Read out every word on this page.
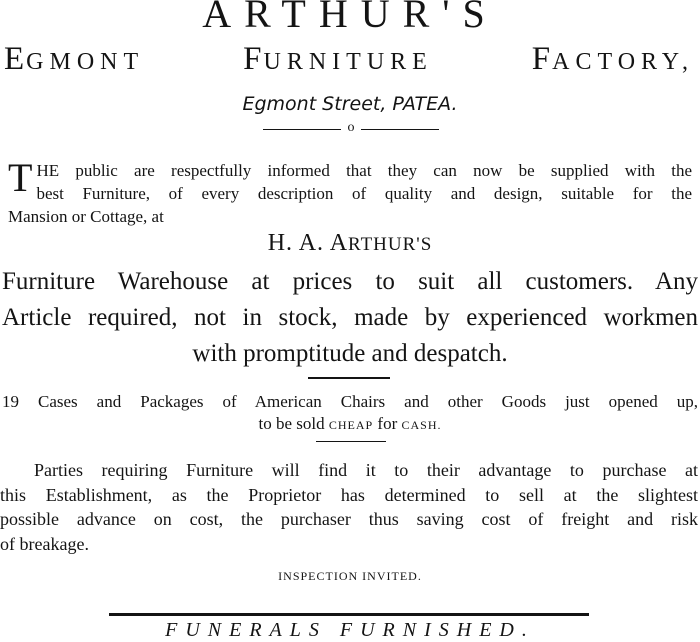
ARTHUR'S
EGMONT	FURNITURE	FACTORY,
Egmont Street, PATEA.
o
T HE public are respectfully informed that they can now be supplied with the
best Furniture, of every description of quality and design, suitable for the
Mansion or Cottage, at
H. A. ARTHUR'S
Furniture Warehouse at prices to suit all customers. Any
Article required, not in stock, made by experienced workmen
with promptitude and despatch.
19 Cases and Packages of American Chairs and other Goods just opened up,
to be sold CHEAP for CASH.
Parties requiring Furniture will find it to their advantage to purchase at
this Establishment, as the Proprietor has determined to sell at the slightest
possible advance on cost, the purchaser thus saving cost of freight and risk
of breakage.
INSPECTION INVITED.
FUNERALS FURNISHED.
